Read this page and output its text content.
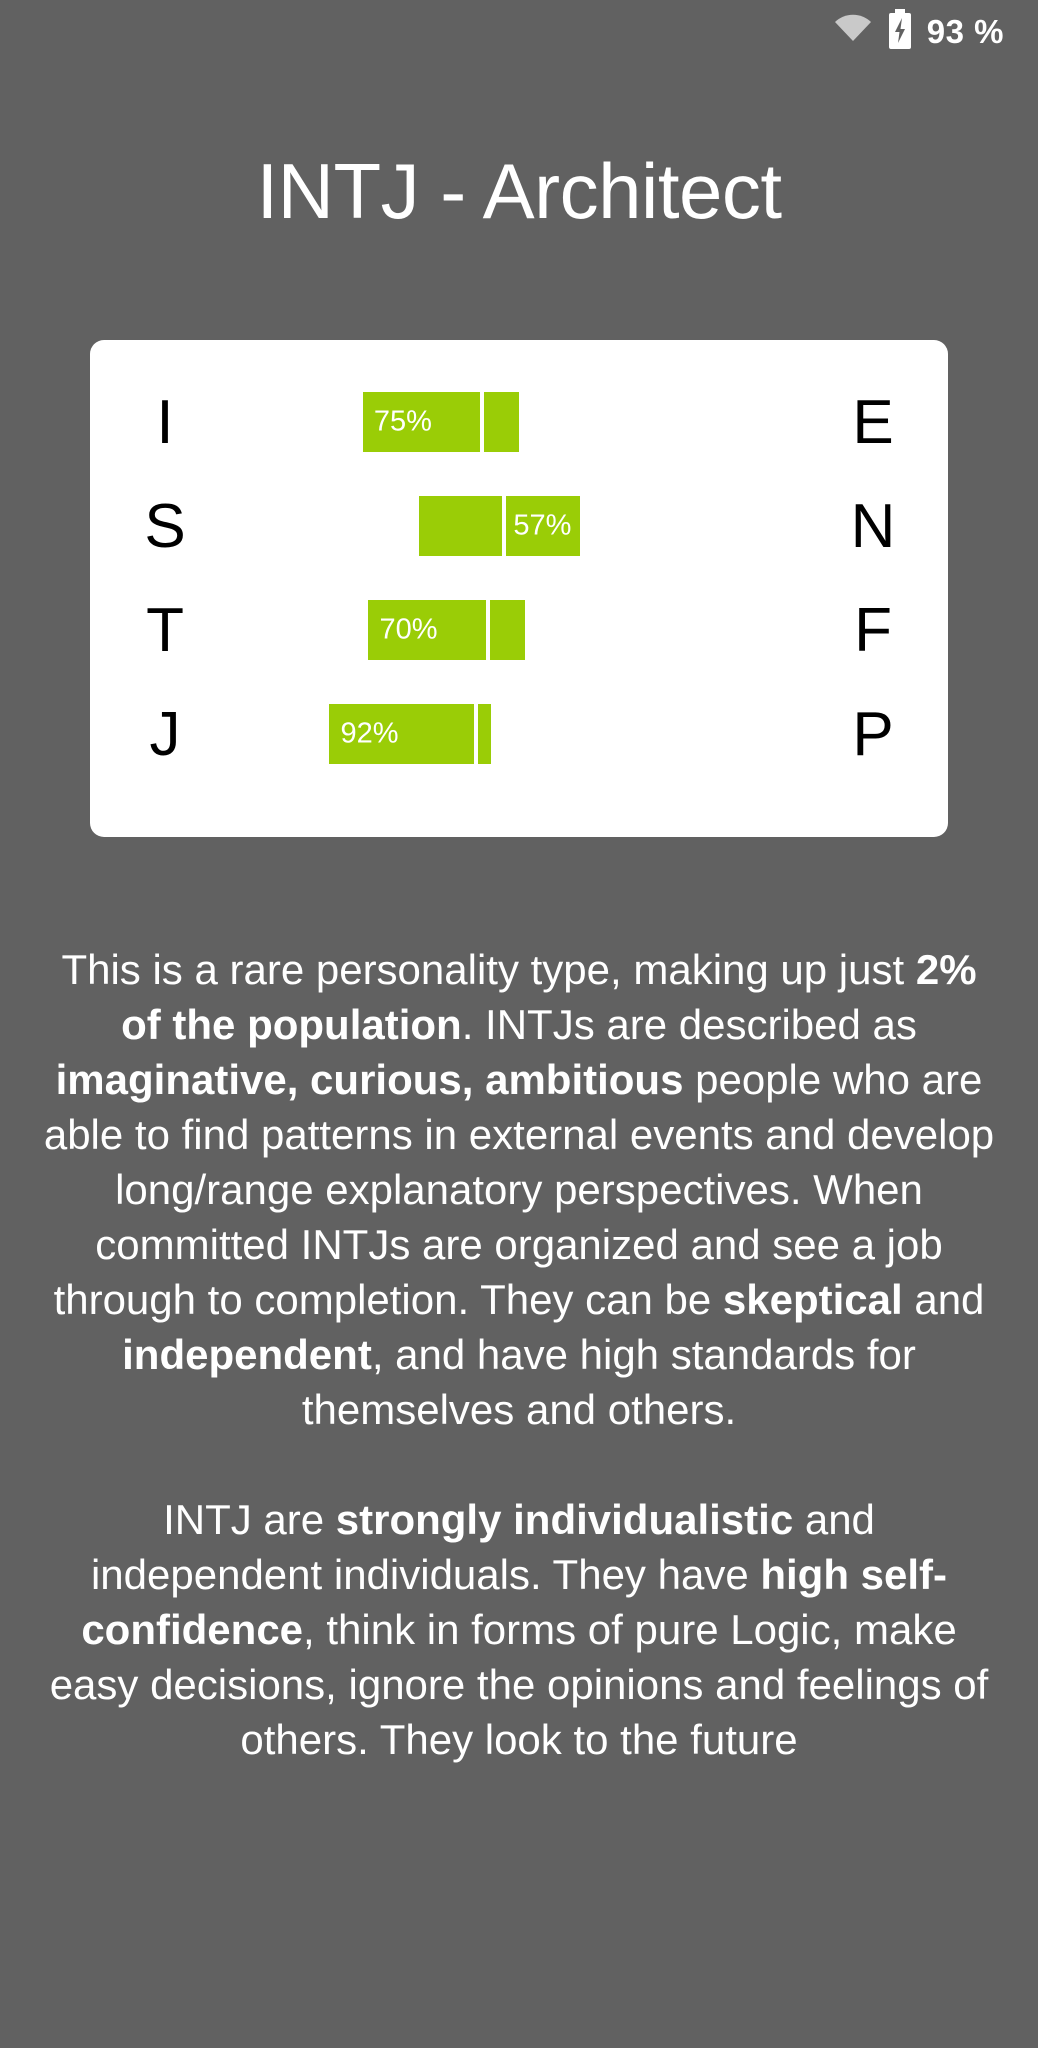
93 %
INTJ - Architect
I	75%	E
S	57%	N
T	70%	F
J	92%	P

This is a rare personality type, making up just 2% of the population. INTJs are described as imaginative, curious, ambitious people who are able to find patterns in external events and develop long/range explanatory perspectives. When committed INTJs are organized and see a job through to completion. They can be skeptical and independent, and have high standards for themselves and others.

INTJ are strongly individualistic and independent individuals. They have high self-confidence, think in forms of pure Logic, make easy decisions, ignore the opinions and feelings of others. They look to the future
